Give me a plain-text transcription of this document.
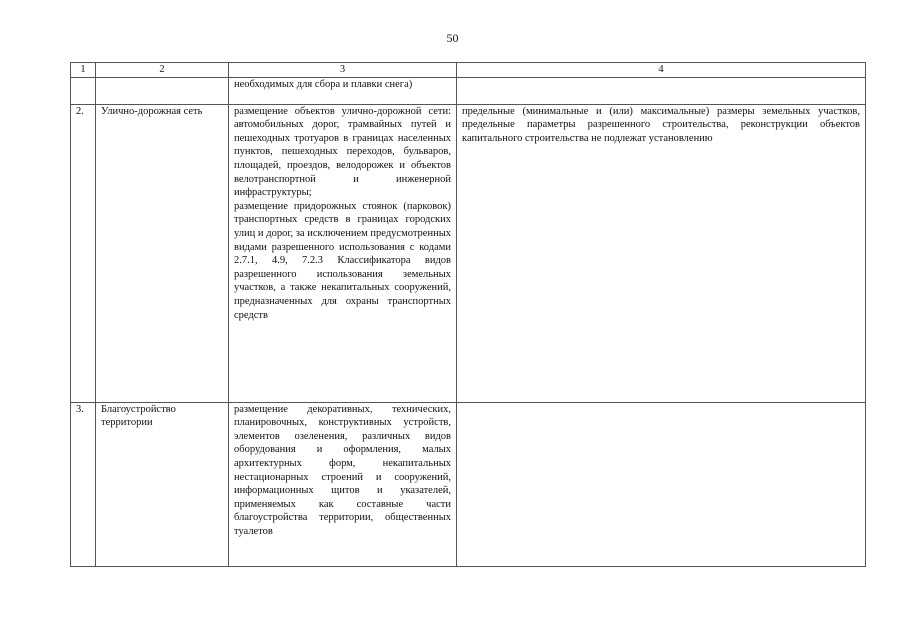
50
1	2	3	4
		необходимых для сбора и плавки снега)	
2.	Улично-дорожная сеть	размещение объектов улично-дорожной сети: автомобильных дорог, трамвайных путей и пешеходных тротуаров в границах населенных пунктов, пешеходных переходов, бульваров, площадей, проездов, велодорожек и объектов велотранспортной и инженерной инфраструктуры;
размещение придорожных стоянок (парковок) транспортных средств в границах городских улиц и дорог, за исключением предусмотренных видами разрешенного использования с кодами 2.7.1, 4.9, 7.2.3 Классификатора видов разрешенного использования земельных участков, а также некапитальных сооружений, предназначенных для охраны транспортных средств	предельные (минимальные и (или) максимальные) размеры земельных участков, предельные параметры разрешенного строительства, реконструкции объектов капитального строительства не подлежат установлению
3.	Благоустройство территории	размещение декоративных, технических, планировочных, конструктивных устройств, элементов озеленения, различных видов оборудования и оформления, малых архитектурных форм, некапитальных нестационарных строений и сооружений, информационных щитов и указателей, применяемых как составные части благоустройства территории, общественных туалетов	
